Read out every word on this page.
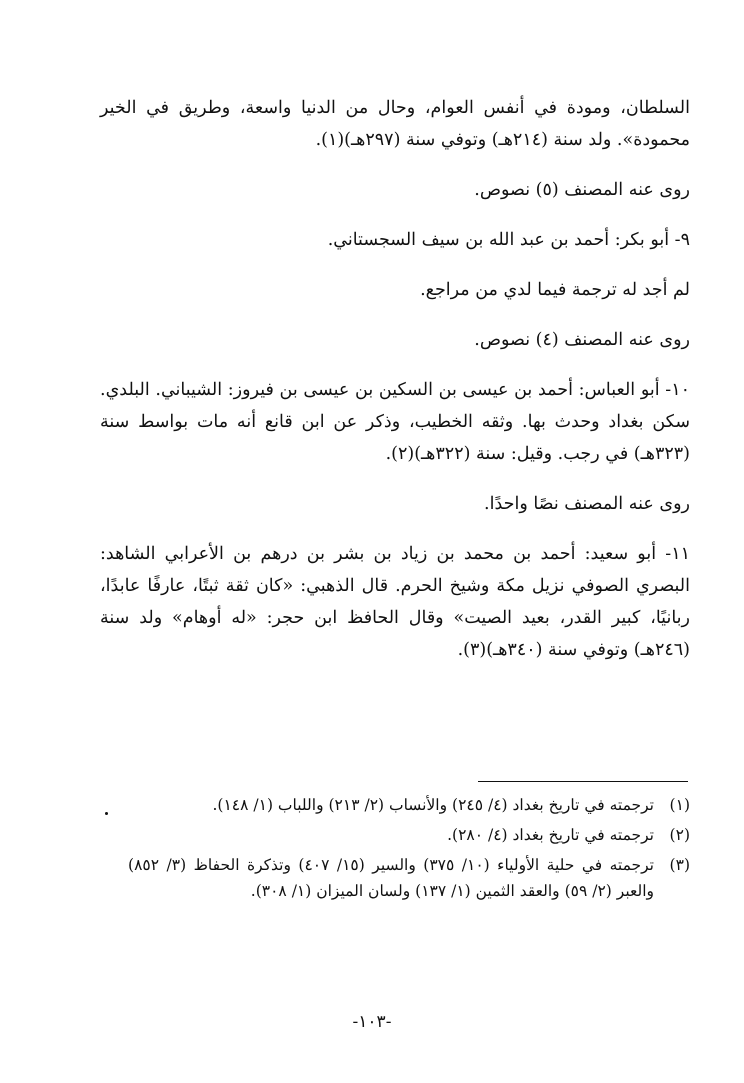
السلطان، ومودة في أنفس العوام، وحال من الدنيا واسعة، وطريق في الخير محمودة». ولد سنة (٢١٤هـ) وتوفي سنة (٢٩٧هـ)(١).

روى عنه المصنف (٥) نصوص.

٩- أبو بكر: أحمد بن عبد الله بن سيف السجستاني.

لم أجد له ترجمة فيما لدي من مراجع.

روى عنه المصنف (٤) نصوص.

١٠- أبو العباس: أحمد بن عيسى بن السكين بن عيسى بن فيروز: الشيباني. البلدي. سكن بغداد وحدث بها. وثقه الخطيب، وذكر عن ابن قانع أنه مات بواسط سنة (٣٢٣هـ) في رجب. وقيل: سنة (٣٢٢هـ)(٢).

روى عنه المصنف نصًا واحدًا.

١١- أبو سعيد: أحمد بن محمد بن زياد بن بشر بن درهم بن الأعرابي الشاهد: البصري الصوفي نزيل مكة وشيخ الحرم. قال الذهبي: «كان ثقة ثبتًا، عارفًا عابدًا، ربانيًا، كبير القدر، بعيد الصيت» وقال الحافظ ابن حجر: «له أوهام» ولد سنة (٢٤٦هـ) وتوفي سنة (٣٤٠هـ)(٣).

(١)
ترجمته في تاريخ بغداد (٤/ ٢٤٥) والأنساب (٢/ ٢١٣) واللباب (١/ ١٤٨).
(٢)
ترجمته في تاريخ بغداد (٤/ ٢٨٠).
(٣)
ترجمته في حلية الأولياء (١٠/ ٣٧٥) والسير (١٥/ ٤٠٧) وتذكرة الحفاظ (٣/ ٨٥٢) والعبر (٢/ ٥٩) والعقد الثمين (١/ ١٣٧) ولسان الميزان (١/ ٣٠٨).
-١٠٣-
